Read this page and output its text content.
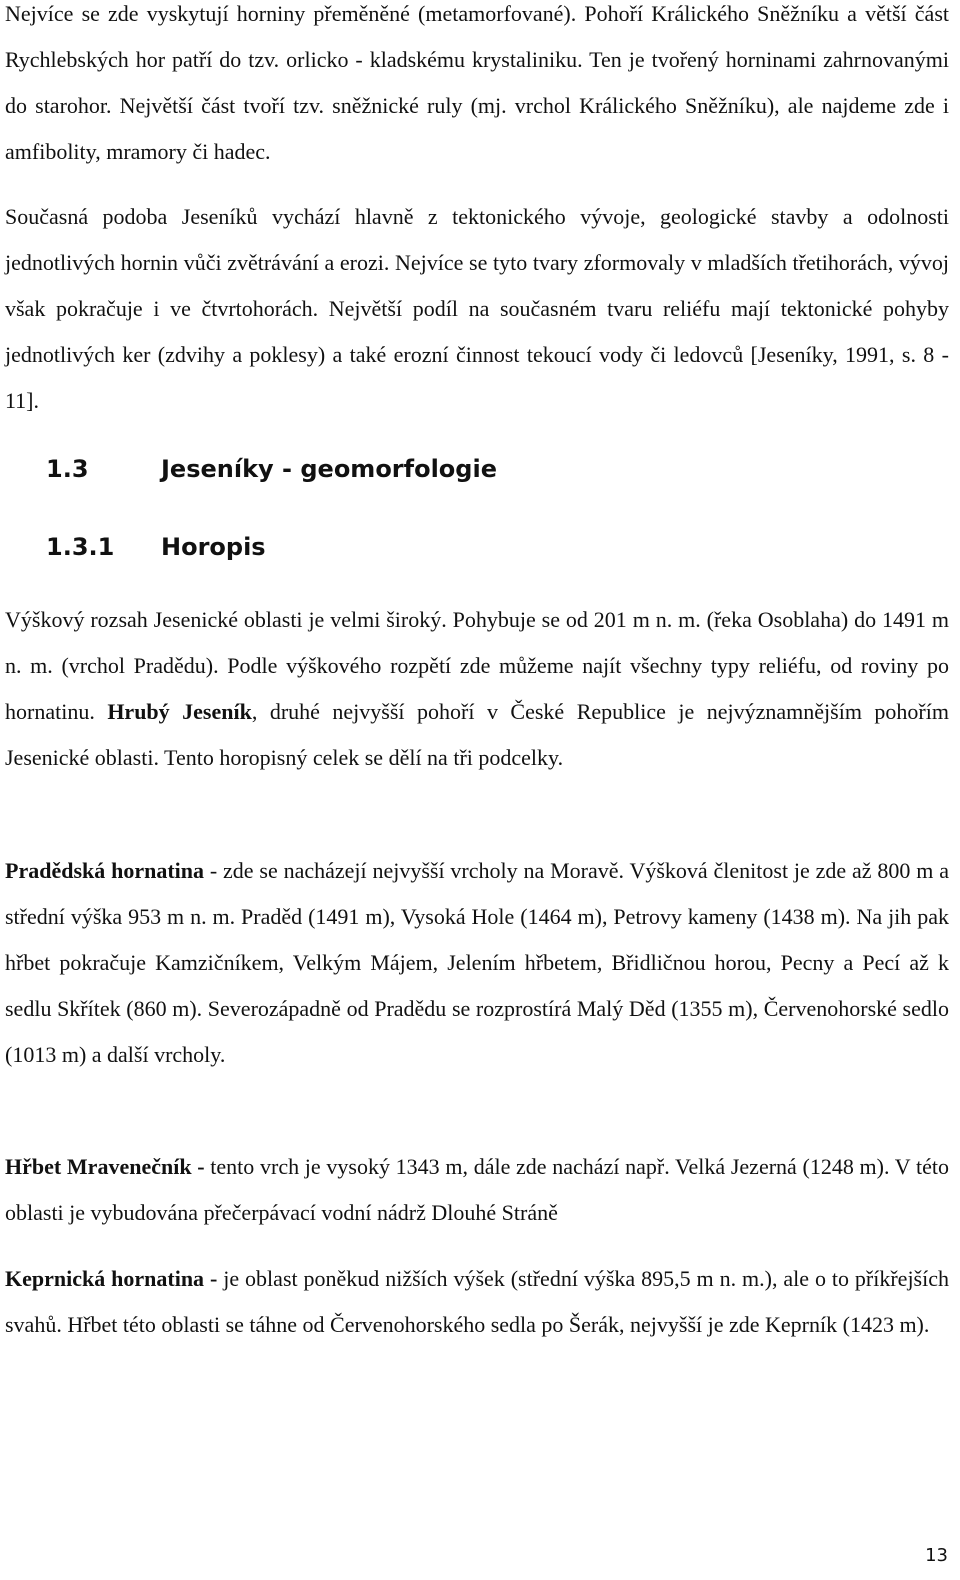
Nejvíce se zde vyskytují horniny přeměněné (metamorfované). Pohoří Králického Sněžníku a větší část Rychlebských hor patří do tzv. orlicko - kladskému krystaliniku. Ten je tvořený horninami zahrnovanými do starohor. Největší část tvoří tzv. sněžnické ruly (mj. vrchol Králického Sněžníku), ale najdeme zde i amfibolity, mramory či hadec.

Současná podoba Jeseníků vychází hlavně z tektonického vývoje, geologické stavby a odolnosti jednotlivých hornin vůči zvětrávání a erozi. Nejvíce se tyto tvary zformovaly v mladších třetihorách, vývoj však pokračuje i ve čtvrtohorách. Největší podíl na současném tvaru reliéfu mají tektonické pohyby jednotlivých ker (zdvihy a poklesy) a také erozní činnost tekoucí vody či ledovců [Jeseníky, 1991, s. 8 - 11].

1.3	Jeseníky - geomorfologie
1.3.1 Horopis

Výškový rozsah Jesenické oblasti je velmi široký. Pohybuje se od 201 m n. m. (řeka Osoblaha) do 1491 m n. m. (vrchol Pradědu). Podle výškového rozpětí zde můžeme najít všechny typy reliéfu, od roviny po hornatinu. Hrubý Jeseník, druhé nejvyšší pohoří v České Republice je nejvýznamnějším pohořím Jesenické oblasti. Tento horopisný celek se dělí na tři podcelky.

Pradědská hornatina - zde se nacházejí nejvyšší vrcholy na Moravě. Výšková členitost je zde až 800 m a střední výška 953 m n. m. Praděd (1491 m), Vysoká Hole (1464 m), Petrovy kameny (1438 m). Na jih pak hřbet pokračuje Kamzičníkem, Velkým Májem, Jelením hřbetem, Břidličnou horou, Pecny a Pecí až k sedlu Skřítek (860 m). Severozápadně od Pradědu se rozprostírá Malý Děd (1355 m), Červenohorské sedlo (1013 m) a další vrcholy.

Hřbet Mravenečník - tento vrch je vysoký 1343 m, dále zde nachází např. Velká Jezerná (1248 m). V této oblasti je vybudována přečerpávací vodní nádrž Dlouhé Stráně

Keprnická hornatina - je oblast poněkud nižších výšek (střední výška 895,5 m n. m.), ale o to příkřejších svahů. Hřbet této oblasti se táhne od Červenohorského sedla po Šerák, nejvyšší je zde Keprník (1423 m).

13
